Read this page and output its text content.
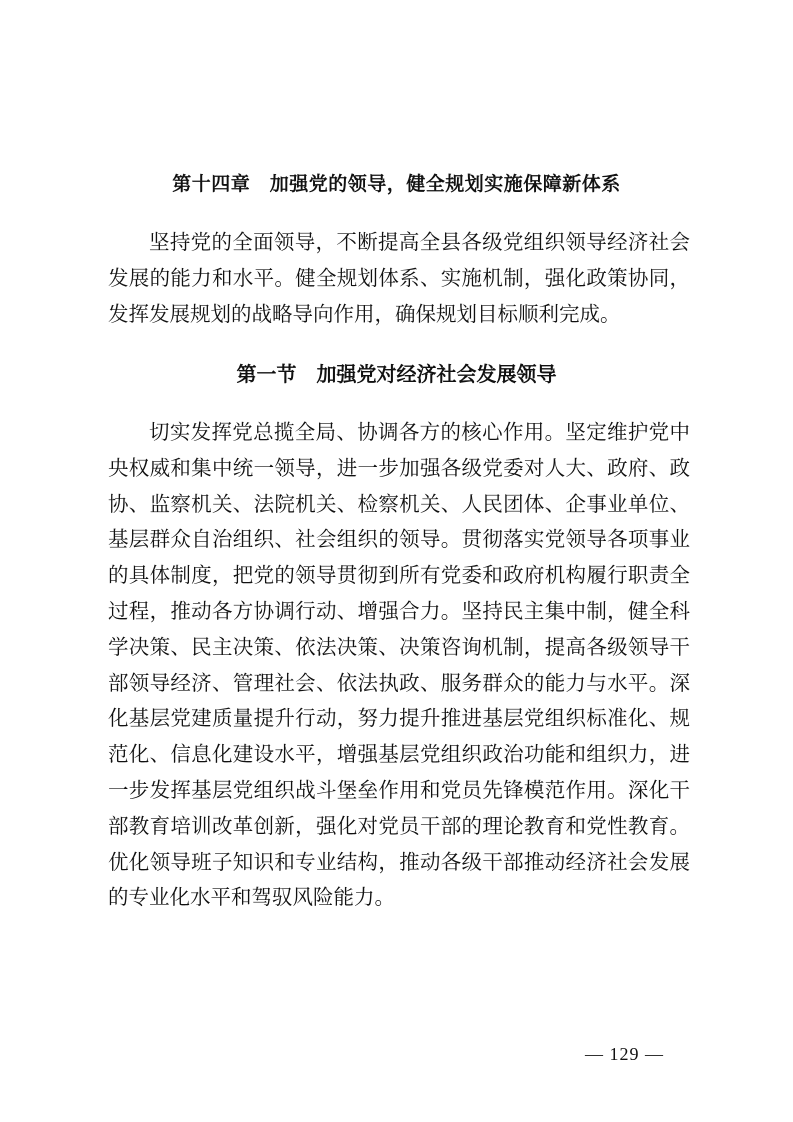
第十四章　加强党的领导，健全规划实施保障新体系

坚持党的全面领导，不断提高全县各级党组织领导经济社会发展的能力和水平。健全规划体系、实施机制，强化政策协同，发挥发展规划的战略导向作用，确保规划目标顺利完成。

第一节　加强党对经济社会发展领导

切实发挥党总揽全局、协调各方的核心作用。坚定维护党中央权威和集中统一领导，进一步加强各级党委对人大、政府、政协、监察机关、法院机关、检察机关、人民团体、企事业单位、基层群众自治组织、社会组织的领导。贯彻落实党领导各项事业的具体制度，把党的领导贯彻到所有党委和政府机构履行职责全过程，推动各方协调行动、增强合力。坚持民主集中制，健全科学决策、民主决策、依法决策、决策咨询机制，提高各级领导干部领导经济、管理社会、依法执政、服务群众的能力与水平。深化基层党建质量提升行动，努力提升推进基层党组织标准化、规范化、信息化建设水平，增强基层党组织政治功能和组织力，进一步发挥基层党组织战斗堡垒作用和党员先锋模范作用。深化干部教育培训改革创新，强化对党员干部的理论教育和党性教育。优化领导班子知识和专业结构，推动各级干部推动经济社会发展的专业化水平和驾驭风险能力。

— 129 —
